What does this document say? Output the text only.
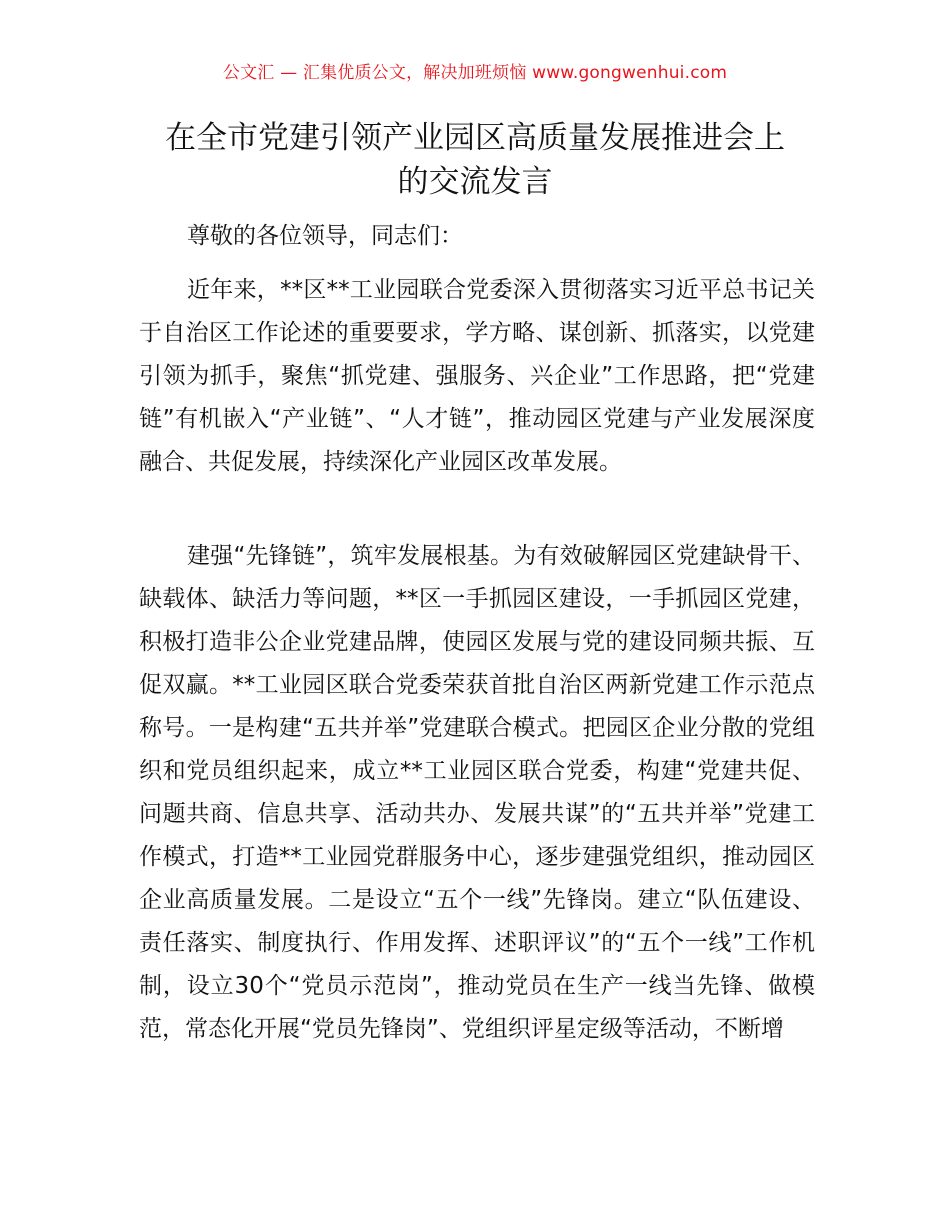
公文汇 — 汇集优质公文，解决加班烦恼 www.gongwenhui.com
在全市党建引领产业园区高质量发展推进会上
的交流发言

尊敬的各位领导，同志们：

近年来，**区**工业园联合党委深入贯彻落实习近平总书记关于自治区工作论述的重要要求，学方略、谋创新、抓落实，以党建引领为抓手，聚焦“抓党建、强服务、兴企业”工作思路，把“党建链”有机嵌入“产业链”、“人才链”，推动园区党建与产业发展深度融合、共促发展，持续深化产业园区改革发展。

建强“先锋链”，筑牢发展根基。为有效破解园区党建缺骨干、缺载体、缺活力等问题，**区一手抓园区建设，一手抓园区党建，积极打造非公企业党建品牌，使园区发展与党的建设同频共振、互促双赢。**工业园区联合党委荣获首批自治区两新党建工作示范点称号。一是构建“五共并举”党建联合模式。把园区企业分散的党组织和党员组织起来，成立**工业园区联合党委，构建“党建共促、问题共商、信息共享、活动共办、发展共谋”的“五共并举”党建工作模式，打造**工业园党群服务中心，逐步建强党组织，推动园区企业高质量发展。二是设立“五个一线”先锋岗。建立“队伍建设、责任落实、制度执行、作用发挥、述职评议”的“五个一线”工作机制，设立30个“党员示范岗”，推动党员在生产一线当先锋、做模范，常态化开展“党员先锋岗”、党组织评星定级等活动，不断增
